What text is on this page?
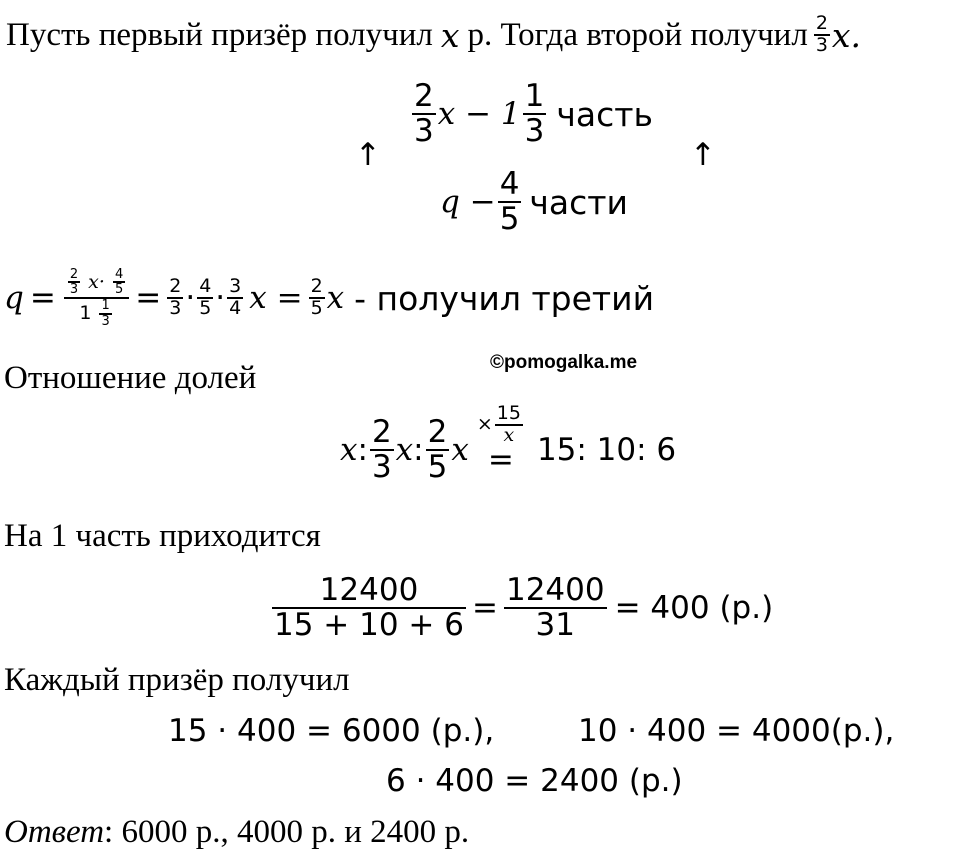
Пусть первый призёр получил x р. Тогда второй получил $\frac{2}{3} x$.
$\frac{2}{3}$ $x - 1 \frac{1}{3}$ часть
↑	↑
$q - \frac{4}{5}$ части
$q = \frac{\frac{2}{3} x\cdot \frac{4}{5}}{1 \frac{1}{3}} = \frac{2}{3} \cdot \frac{4}{5} \cdot \frac{3}{4}$ $x = \frac{2}{5}$ x - получил третий
©pomogalka.me
Отношение долей
x : $\frac{2}{3}$ x : $\frac{2}{5}$ x
× $\frac{15}{x}$
= 15: 10: 6
На 1 часть приходится
$\frac{12400}{15 + 10 + 6} = \frac{12400}{31} = 400$ (р.)
Каждый призёр получил
15 · 400 = 6000 (р.),	10 · 400 = 4000(р.),
6 · 400 = 2400 (р.)
Ответ : 6000 р., 4000 р. и 2400 р.
